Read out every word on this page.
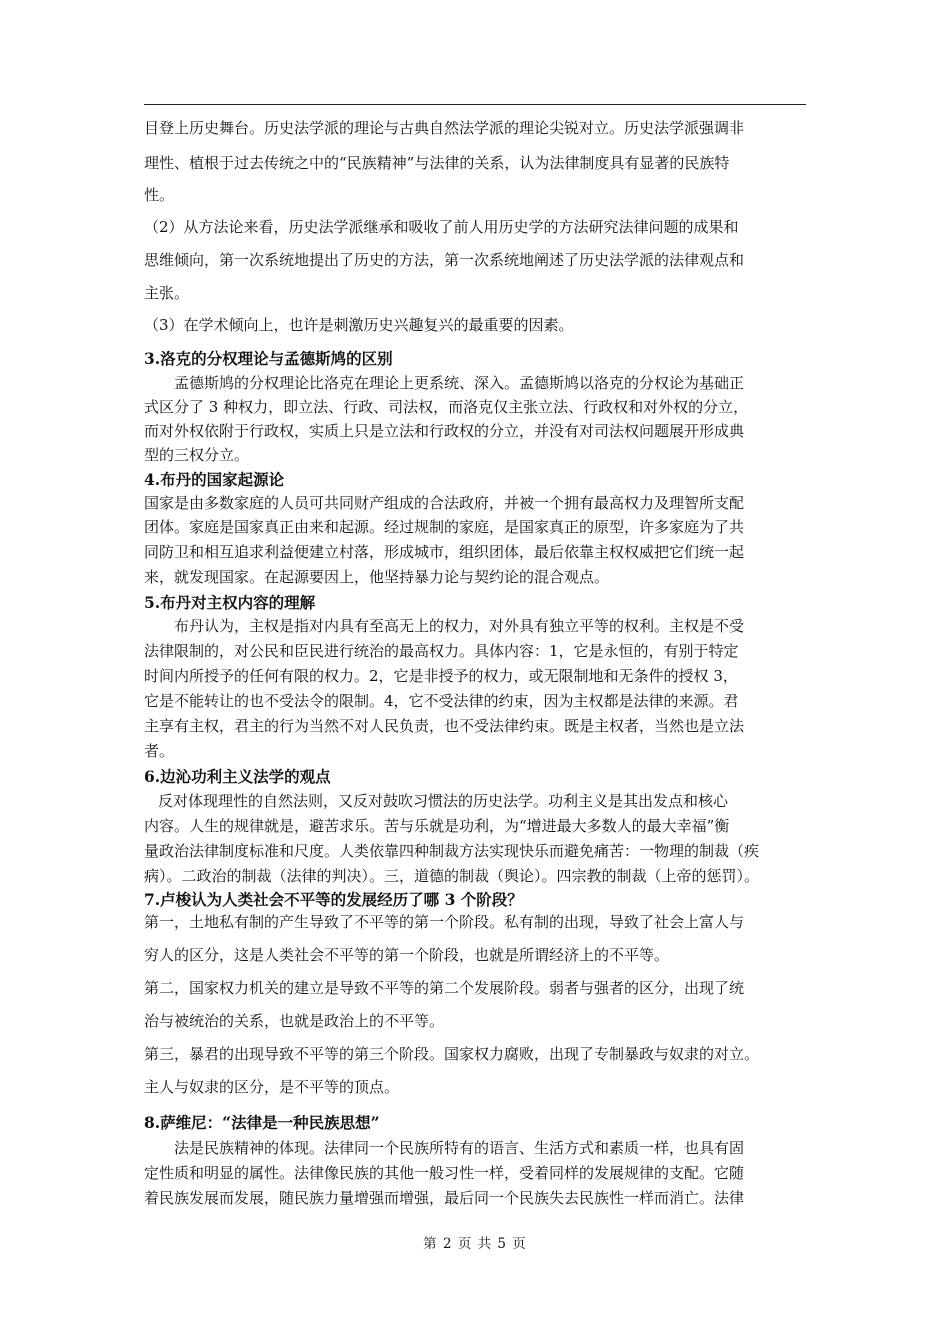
目登上历史舞台。历史法学派的理论与古典自然法学派的理论尖锐对立。历史法学派强调非

理性、植根于过去传统之中的“民族精神”与法律的关系，认为法律制度具有显著的民族特

性。

（2）从方法论来看，历史法学派继承和吸收了前人用历史学的方法研究法律问题的成果和

思维倾向，第一次系统地提出了历史的方法，第一次系统地阐述了历史法学派的法律观点和

主张。

（3）在学术倾向上，也许是刺激历史兴趣复兴的最重要的因素。

3.洛克的分权理论与孟德斯鸠的区别

孟德斯鸠的分权理论比洛克在理论上更系统、深入。孟德斯鸠以洛克的分权论为基础正

式区分了 3 种权力，即立法、行政、司法权，而洛克仅主张立法、行政权和对外权的分立，

而对外权依附于行政权，实质上只是立法和行政权的分立，并没有对司法权问题展开形成典

型的三权分立。

4.布丹的国家起源论

国家是由多数家庭的人员可共同财产组成的合法政府，并被一个拥有最高权力及理智所支配

团体。家庭是国家真正由来和起源。经过规制的家庭，是国家真正的原型，许多家庭为了共

同防卫和相互追求利益便建立村落，形成城市，组织团体，最后依靠主权权威把它们统一起

来，就发现国家。在起源要因上，他坚持暴力论与契约论的混合观点。

5.布丹对主权内容的理解

布丹认为，主权是指对内具有至高无上的权力，对外具有独立平等的权利。主权是不受

法律限制的，对公民和臣民进行统治的最高权力。具体内容：1，它是永恒的，有别于特定

时间内所授予的任何有限的权力。2，它是非授予的权力，或无限制地和无条件的授权 3，

它是不能转让的也不受法令的限制。4，它不受法律的约束，因为主权都是法律的来源。君

主享有主权，君主的行为当然不对人民负责，也不受法律约束。既是主权者，当然也是立法

者。

6.边沁功利主义法学的观点

反对体现理性的自然法则，又反对鼓吹习惯法的历史法学。功利主义是其出发点和核心

内容。人生的规律就是，避苦求乐。苦与乐就是功利，为“增进最大多数人的最大幸福”衡

量政治法律制度标准和尺度。人类依靠四种制裁方法实现快乐而避免痛苦：一物理的制裁（疾

病）。二政治的制裁（法律的判决）。三，道德的制裁（舆论）。四宗教的制裁（上帝的惩罚）。

7.卢梭认为人类社会不平等的发展经历了哪 3 个阶段？

第一，土地私有制的产生导致了不平等的第一个阶段。私有制的出现，导致了社会上富人与

穷人的区分，这是人类社会不平等的第一个阶段，也就是所谓经济上的不平等。

第二，国家权力机关的建立是导致不平等的第二个发展阶段。弱者与强者的区分，出现了统

治与被统治的关系，也就是政治上的不平等。

第三，暴君的出现导致不平等的第三个阶段。国家权力腐败，出现了专制暴政与奴隶的对立。

主人与奴隶的区分，是不平等的顶点。

8.萨维尼：“法律是一种民族思想”

法是民族精神的体现。法律同一个民族所特有的语言、生活方式和素质一样，也具有固

定性质和明显的属性。法律像民族的其他一般习性一样，受着同样的发展规律的支配。它随

着民族发展而发展，随民族力量增强而增强，最后同一个民族失去民族性一样而消亡。法律

第 2 页 共 5 页
